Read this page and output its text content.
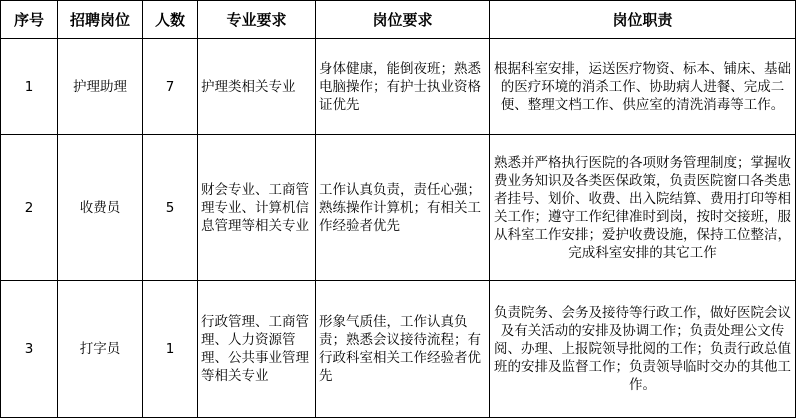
序号	招聘岗位	人数	专业要求	岗位要求	岗位职责
1	护理助理	7	护理类相关专业	身体健康，能倒夜班；熟悉电脑操作；有护士执业资格证优先	根据科室安排，运送医疗物资、标本、铺床、基础的医疗环境的消杀工作、协助病人进餐、完成二便、整理文档工作、供应室的清洗消毒等工作。
2	收费员	5	财会专业、工商管理专业、计算机信息管理等相关专业	工作认真负责，责任心强；熟练操作计算机；有相关工作经验者优先	熟悉并严格执行医院的各项财务管理制度；掌握收费业务知识及各类医保政策，负责医院窗口各类患者挂号、划价、收费、出入院结算、费用打印等相关工作；遵守工作纪律准时到岗，按时交接班，服从科室工作安排；爱护收费设施，保持工位整洁，完成科室安排的其它工作
3	打字员	1	行政管理、工商管理、人力资源管理、公共事业管理等相关专业	形象气质佳，工作认真负责；熟悉会议接待流程；有行政科室相关工作经验者优先	负责院务、会务及接待等行政工作，做好医院会议及有关活动的安排及协调工作；负责处理公文传阅、办理、上报院领导批阅的工作；负责行政总值班的安排及监督工作；负责领导临时交办的其他工作。
